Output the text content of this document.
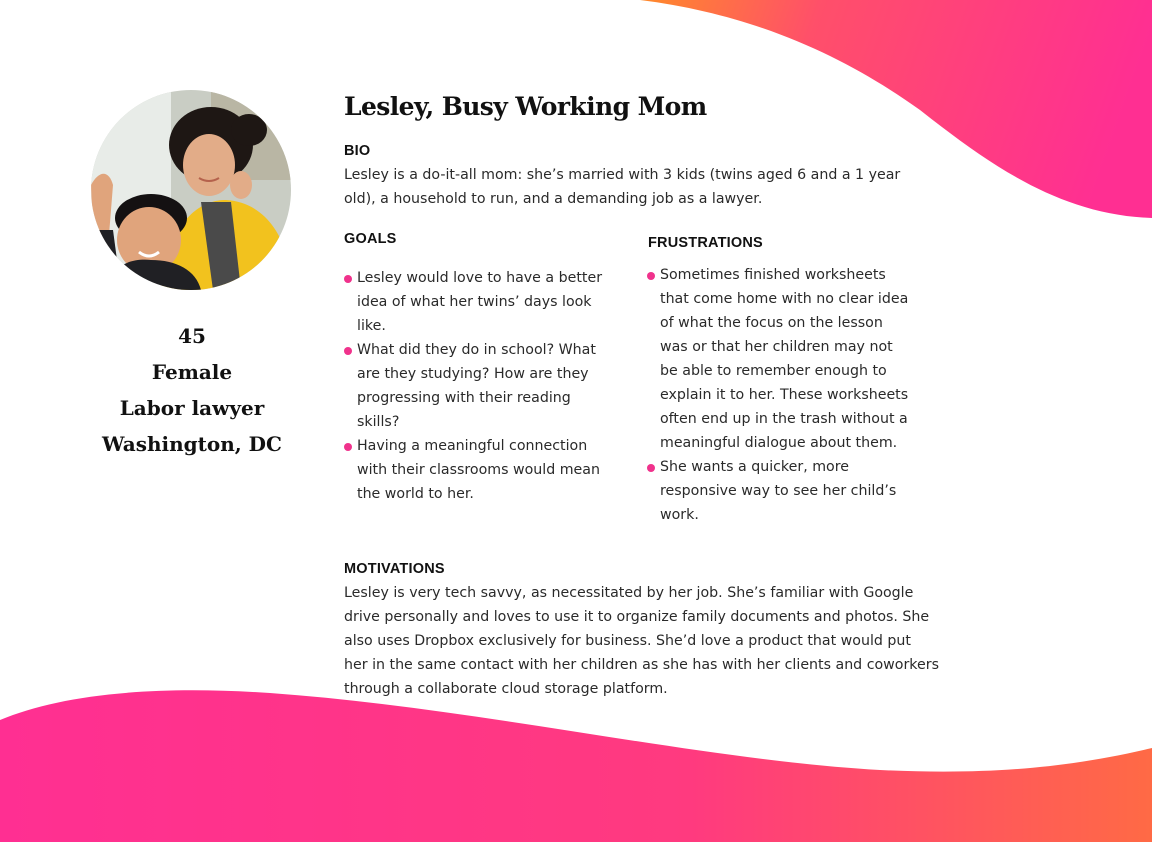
45
Female
Labor lawyer
Washington, DC
Lesley, Busy Working Mom
BIO

Lesley is a do-it-all mom: she’s married with 3 kids (twins aged 6 and a 1 year old), a household to run, and a demanding job as a lawyer.

GOALS
Lesley would love to have a better idea of what her twins’ days look like.
What did they do in school? What are they studying? How are they progressing with their reading skills?
Having a meaningful connection with their classrooms would mean the world to her.
FRUSTRATIONS
Sometimes finished worksheets that come home with no clear idea of what the focus on the lesson was or that her children may not be able to remember enough to explain it to her. These worksheets often end up in the trash without a meaningful dialogue about them.
She wants a quicker, more responsive way to see her child’s work.
MOTIVATIONS

Lesley is very tech savvy, as necessitated by her job. She’s familiar with Google drive personally and loves to use it to organize family documents and photos. She also uses Dropbox exclusively for business. She’d love a product that would put her in the same contact with her children as she has with her clients and coworkers through a collaborate cloud storage platform.
